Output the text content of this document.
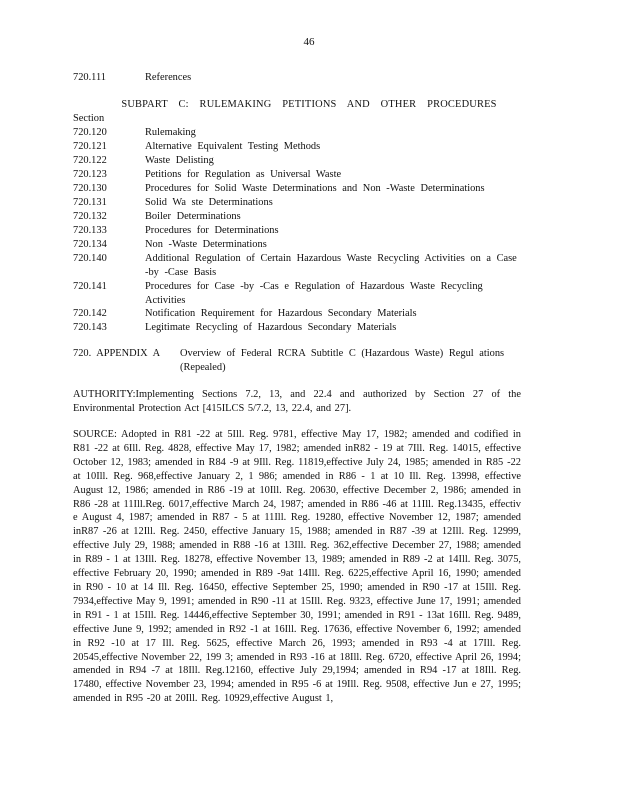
46
720.111	References
SUBPART C: RULEMAKING PETITIONS AND OTHER PROCEDURES
Section
720.120	Rulemaking
720.121	Alternative Equivalent Testing Methods
720.122	Waste Delisting
720.123	Petitions for Regulation as Universal Waste
720.130	Procedures for Solid Waste Determinations and Non -Waste Determinations
720.131	Solid Wa ste Determinations
720.132	Boiler Determinations
720.133	Procedures for Determinations
720.134	Non -Waste Determinations
720.140	Additional Regulation of Certain Hazardous Waste Recycling Activities on a Case -by -Case Basis
720.141	Procedures for Case -by -Cas e Regulation of Hazardous Waste Recycling Activities
720.142	Notification Requirement for Hazardous Secondary Materials
720.143	Legitimate Recycling of Hazardous Secondary Materials
720. APPENDIX A	Overview of Federal RCRA Subtitle C (Hazardous Waste) Regul ations (Repealed)
AUTHORITY:Implementing Sections 7.2, 13, and 22.4 and authorized by Section 27 of the Environmental Protection Act [415ILCS 5/7.2, 13, 22.4, and 27].
SOURCE: Adopted in R81 -22 at 5Ill. Reg. 9781, effective May 17, 1982; amended and codified in R81 -22 at 6Ill. Reg. 4828, effective May 17, 1982; amended inR82 - 19 at 7Ill. Reg. 14015, effective October 12, 1983; amended in R84 -9 at 9Ill. Reg. 11819,effective July 24, 1985; amended in R85 -22 at 10Ill. Reg. 968,effective January 2, 1 986; amended in R86 - 1 at 10 Ill. Reg. 13998, effective August 12, 1986; amended in R86 -19 at 10Ill. Reg. 20630, effective December 2, 1986; amended in R86 -28 at 11Ill.Reg. 6017,effective March 24, 1987; amended in R86 -46 at 11Ill. Reg.13435, effectiv e August 4, 1987; amended in R87 - 5 at 11Ill. Reg. 19280, effective November 12, 1987; amended inR87 -26 at 12Ill. Reg. 2450, effective January 15, 1988; amended in R87 -39 at 12Ill. Reg. 12999, effective July 29, 1988; amended in R88 -16 at 13Ill. Reg. 362,effective December 27, 1988; amended in R89 - 1 at 13Ill. Reg. 18278, effective November 13, 1989; amended in R89 -2 at 14Ill. Reg. 3075, effective February 20, 1990; amended in R89 -9at 14Ill. Reg. 6225,effective April 16, 1990; amended in R90 - 10 at 14 Ill. Reg. 16450, effective September 25, 1990; amended in R90 -17 at 15Ill. Reg. 7934,effective May 9, 1991; amended in R90 -11 at 15Ill. Reg. 9323, effective June 17, 1991; amended in R91 - 1 at 15Ill. Reg. 14446,effective September 30, 1991; amended in R91 - 13at 16Ill. Reg. 9489, effective June 9, 1992; amended in R92 -1 at 16Ill. Reg. 17636, effective November 6, 1992; amended in R92 -10 at 17 Ill. Reg. 5625, effective March 26, 1993; amended in R93 -4 at 17Ill. Reg. 20545,effective November 22, 199 3; amended in R93 -16 at 18Ill. Reg. 6720, effective April 26, 1994; amended in R94 -7 at 18Ill. Reg.12160, effective July 29,1994; amended in R94 -17 at 18Ill. Reg. 17480, effective November 23, 1994; amended in R95 -6 at 19Ill. Reg. 9508, effective Jun e 27, 1995; amended in R95 -20 at 20Ill. Reg. 10929,effective August 1,
